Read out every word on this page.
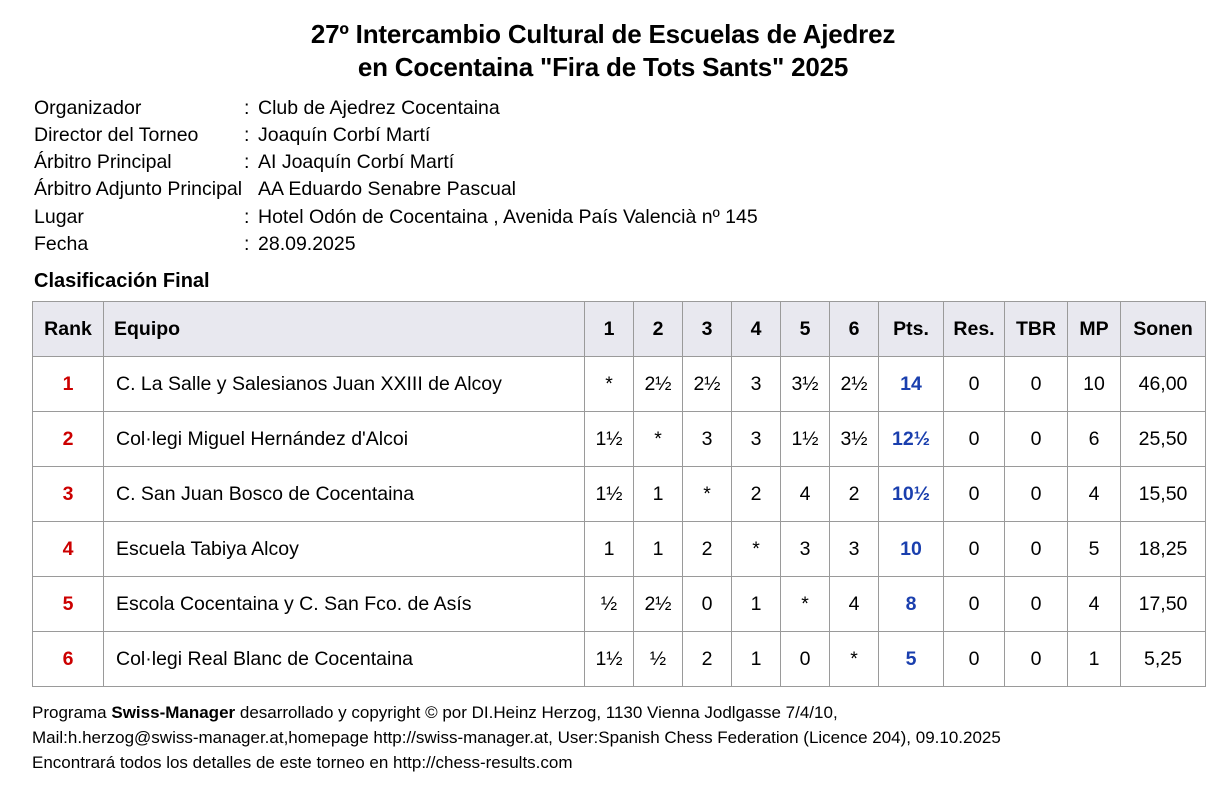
27º Intercambio Cultural de Escuelas de Ajedrez
en Cocentaina "Fira de Tots Sants" 2025
Organizador	: Club de Ajedrez Cocentaina
Director del Torneo	: Joaquín Corbí Martí
Árbitro Principal	: AI Joaquín Corbí Martí
Árbitro Adjunto Principal AA Eduardo Senabre Pascual
Lugar	: Hotel Odón de Cocentaina , Avenida País Valencià nº 145
Fecha	: 28.09.2025
Clasificación Final
Rank	Equipo	1	2	3	4	5	6	Pts.	Res.	TBR	MP	Sonen
1	C. La Salle y Salesianos Juan XXIII de Alcoy	*	2½	2½	3	3½	2½	14	0	0	10	46,00
2	Col·legi Miguel Hernández d'Alcoi	1½	*	3	3	1½	3½	12½	0	0	6	25,50
3	C. San Juan Bosco de Cocentaina	1½	1	*	2	4	2	10½	0	0	4	15,50
4	Escuela Tabiya Alcoy	1	1	2	*	3	3	10	0	0	5	18,25
5	Escola Cocentaina y C. San Fco. de Asís	½	2½	0	1	*	4	8	0	0	4	17,50
6	Col·legi Real Blanc de Cocentaina	1½	½	2	1	0	*	5	0	0	1	5,25
Programa Swiss-Manager desarrollado y copyright © por DI.Heinz Herzog, 1130 Vienna Jodlgasse 7/4/10,
Mail:h.herzog@swiss-manager.at,homepage http://swiss-manager.at, User:Spanish Chess Federation (Licence 204), 09.10.2025
Encontrará todos los detalles de este torneo en http://chess-results.com
